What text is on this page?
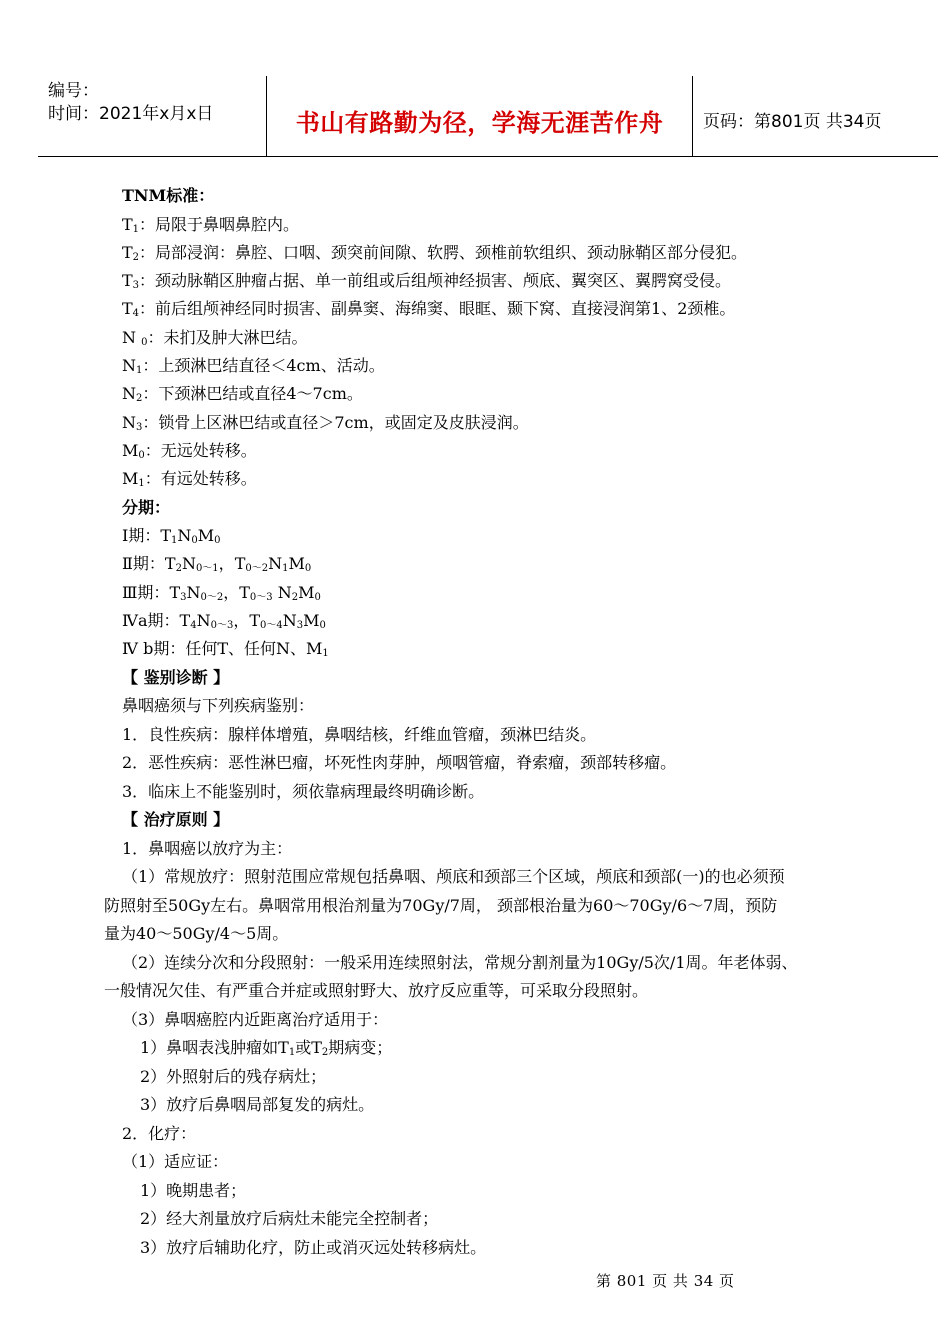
编号：
时间：2021年x月x日	书山有路勤为径，学海无涯苦作舟	页码：第801页 共34页
TNM标准：
$T_1$：局限于鼻咽鼻腔内。
$T_2$：局部浸润：鼻腔、口咽、颈突前间隙、软腭、颈椎前软组织、颈动脉鞘区部分侵犯。
$T_3$：颈动脉鞘区肿瘤占据、单一前组或后组颅神经损害、颅底、翼突区、翼腭窝受侵。
$T_4$：前后组颅神经同时损害、副鼻窦、海绵窦、眼眶、颞下窝、直接浸润第1、2颈椎。
N $_0$：未扪及肿大淋巴结。
$N_1$：上颈淋巴结直径＜4cm、活动。
$N_2$：下颈淋巴结或直径4～7cm。
$N_3$：锁骨上区淋巴结或直径＞7cm，或固定及皮肤浸润。
$M_0$：无远处转移。
$M_1$：有远处转移。
分期：
Ⅰ期：$T_1N_0M_0$
Ⅱ期：$T_2N_{0\sim 1}$，$T_{0\sim 2}N_1M_0$
Ⅲ期：$T_3N_{0\sim 2}$，$T_{0\sim 3}$ $N_2M_0$
Ⅳa期：$T_4N_{0\sim 3}$，$T_{0\sim 4}N_3M_0$
Ⅳ b期：任何T、任何N、$M_1$
【 鉴别诊断 】
鼻咽癌须与下列疾病鉴别：
1．良性疾病：腺样体增殖，鼻咽结核，纤维血管瘤，颈淋巴结炎。
2．恶性疾病：恶性淋巴瘤，坏死性肉芽肿，颅咽管瘤，脊索瘤，颈部转移瘤。
3．临床上不能鉴别时，须依靠病理最终明确诊断。
【 治疗原则 】
1．鼻咽癌以放疗为主：
（1）常规放疗：照射范围应常规包括鼻咽、颅底和颈部三个区域，颅底和颈部(一)的也必须预
防照射至50Gy左右。鼻咽常用根治剂量为70Gy/7周， 颈部根治量为60～70Gy/6～7周，预防
量为40～50Gy/4～5周。
（2）连续分次和分段照射：一般采用连续照射法，常规分割剂量为10Gy/5次/1周。年老体弱、
一般情况欠佳、有严重合并症或照射野大、放疗反应重等，可采取分段照射。
（3）鼻咽癌腔内近距离治疗适用于：
1）鼻咽表浅肿瘤如$T_1$或$T_2$期病变；
2）外照射后的残存病灶；
3）放疗后鼻咽局部复发的病灶。
2．化疗：
（1）适应证：
1）晚期患者；
2）经大剂量放疗后病灶未能完全控制者；
3）放疗后辅助化疗，防止或消灭远处转移病灶。
第 801 页 共 34 页
